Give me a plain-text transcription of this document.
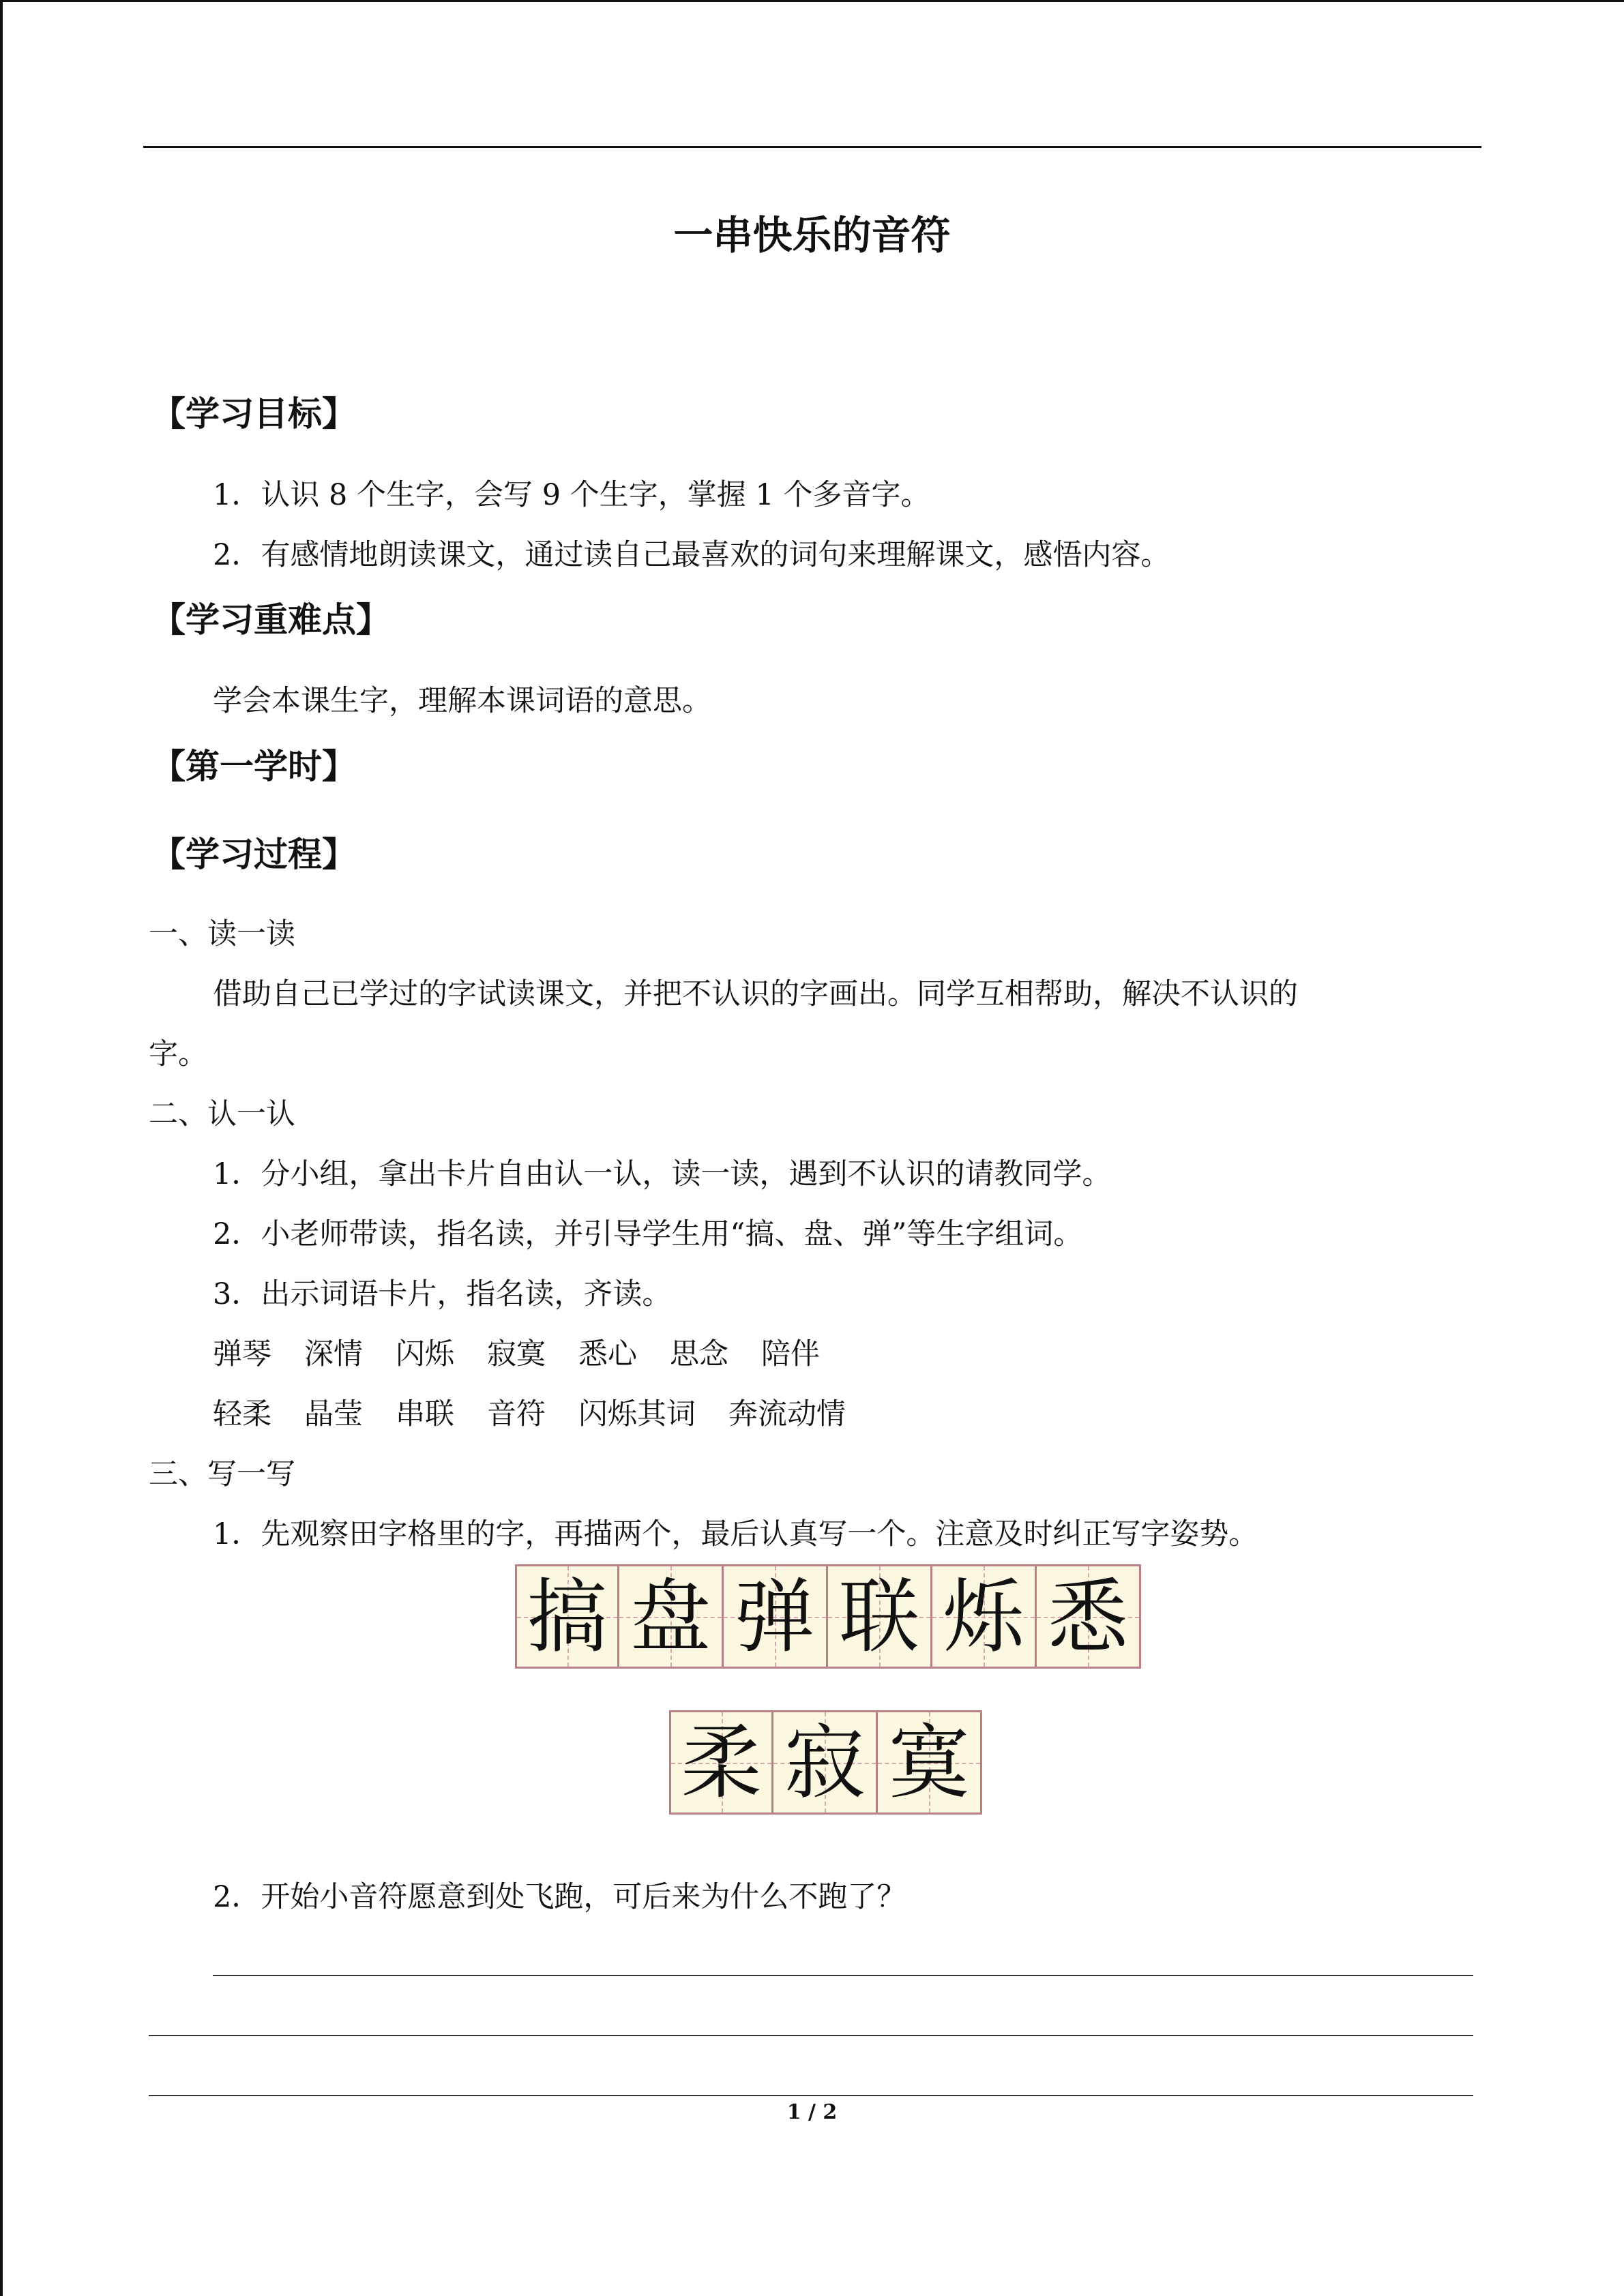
一串快乐的音符
【学习目标】
1．认识 8 个生字，会写 9 个生字，掌握 1 个多音字。
2．有感情地朗读课文，通过读自己最喜欢的词句来理解课文，感悟内容。
【学习重难点】
学会本课生字，理解本课词语的意思。
【第一学时】
【学习过程】
一、读一读
借助自己已学过的字试读课文，并把不认识的字画出。同学互相帮助，解决不认识的
字。
二、认一认
1．分小组，拿出卡片自由认一认，读一读，遇到不认识的请教同学。
2．小老师带读，指名读，并引导学生用“搞、盘、弹”等生字组词。
3．出示词语卡片，指名读，齐读。
弹琴 深情 闪烁 寂寞 悉心 思念 陪伴
轻柔 晶莹 串联 音符 闪烁其词 奔流动情
三、写一写
1．先观察田字格里的字，再描两个，最后认真写一个。注意及时纠正写字姿势。
搞 盘 弹 联 烁 悉
柔 寂 寞
2．开始小音符愿意到处飞跑，可后来为什么不跑了？
1 / 2
